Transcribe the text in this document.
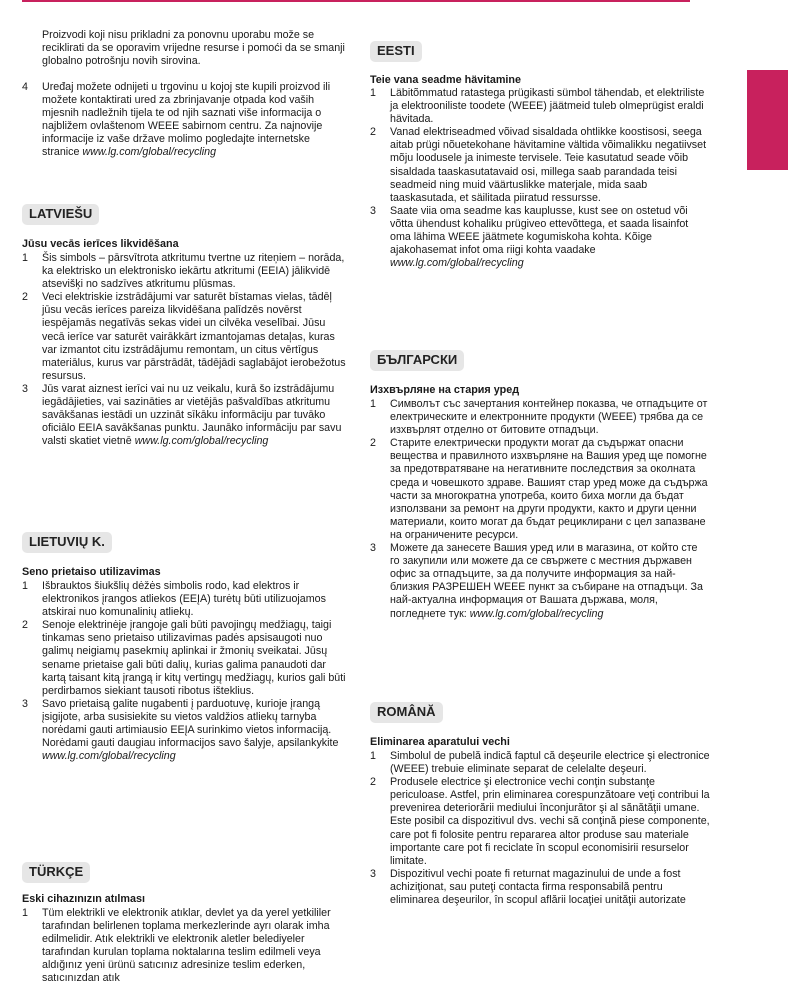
Proizvodi koji nisu prikladni za ponovnu uporabu može se reciklirati da se oporavim vrijedne resurse i pomoći da se smanji globalno potrošnju novih sirovina.

4 Uređaj možete odnijeti u trgovinu u kojoj ste kupili proizvod ili možete kontaktirati ured za zbrinjavanje otpada kod vaših mjesnih nadležnih tijela te od njih saznati više informacija o najbližem ovlaštenom WEEE sabirnom centru. Za najnovije informacije iz vaše države molimo pogledajte internetske stranice www.lg.com/global/recycling
LATVIEŠU

Jūsu vecās ierīces likvidēšana

1 Šis simbols – pārsvītrota atkritumu tvertne uz riteņiem – norāda, ka elektrisko un elektronisko iekārtu atkritumi (EEIA) jālikvidē atsevišķi no sadzīves atkritumu plūsmas.
2 Veci elektriskie izstrādājumi var saturēt bīstamas vielas, tādēļ jūsu vecās ierīces pareiza likvidēšana palīdzēs novērst iespējamās negatīvās sekas videi un cilvēka veselībai. Jūsu vecā ierīce var saturēt vairākkārt izmantojamas detaļas, kuras var izmantot citu izstrādājumu remontam, un citus vērtīgus materiālus, kurus var pārstrādāt, tādējādi saglabājot ierobežotus resursus.
3 Jūs varat aiznest ierīci vai nu uz veikalu, kurā šo izstrādājumu iegādājieties, vai sazināties ar vietējās pašvaldības atkritumu savākšanas iestādi un uzzināt sīkāku informāciju par tuvāko oficiālo EEIA savākšanas punktu. Jaunāko informāciju par savu valsti skatiet vietnē www.lg.com/global/recycling
LIETUVIŲ K.

Seno prietaiso utilizavimas

1 Išbrauktos šiukšlių dėžės simbolis rodo, kad elektros ir elektronikos įrangos atliekos (EEĮA) turėtų būti utilizuojamos atskirai nuo komunalinių atliekų.
2 Senoje elektrinėje įrangoje gali būti pavojingų medžiagų, taigi tinkamas seno prietaiso utilizavimas padės apsisaugoti nuo galimų neigiamų pasekmių aplinkai ir žmonių sveikatai. Jūsų sename prietaise gali būti dalių, kurias galima panaudoti dar kartą taisant kitą įrangą ir kitų vertingų medžiagų, kurios gali būti perdirbamos siekiant tausoti ribotus išteklius.
3 Savo prietaisą galite nugabenti į parduotuvę, kurioje įrangą įsigijote, arba susisiekite su vietos valdžios atliekų tarnyba norėdami gauti artimiausio EEĮA surinkimo vietos informaciją. Norėdami gauti daugiau informacijos savo šalyje, apsilankykite www.lg.com/global/recycling
TÜRKÇE

Eski cihazınızın atılması

1 Tüm elektrikli ve elektronik atıklar, devlet ya da yerel yetkililer tarafından belirlenen toplama merkezlerinde ayrı olarak imha edilmelidir. Atık elektrikli ve elektronik aletler belediyeler tarafından kurulan toplama noktalarına teslim edilmeli veya aldığınız yeni ürünü satıcınız adresinize teslim ederken, satıcınızdan atık
EESTI

Teie vana seadme hävitamine

1 Läbitõmmatud ratastega prügikasti sümbol tähendab, et elektriliste ja elektrooniliste toodete (WEEE) jäätmeid tuleb olmeprügist eraldi hävitada.
2 Vanad elektriseadmed võivad sisaldada ohtlikke koostisosi, seega aitab prügi nõuetekohane hävitamine vältida võimalikku negatiivset mõju loodusele ja inimeste tervisele. Teie kasutatud seade võib sisaldada taaskasutatavaid osi, millega saab parandada teisi seadmeid ning muid väärtuslikke materjale, mida saab taaskasutada, et säilitada piiratud ressursse.
3 Saate viia oma seadme kas kauplusse, kust see on ostetud või võtta ühendust kohaliku prügiveo ettevõttega, et saada lisainfot oma lähima WEEE jäätmete kogumiskoha kohta. Kõige ajakohasemat infot oma riigi kohta vaadake www.lg.com/global/recycling
БЪЛГАРСКИ

Изхвърляне на стария уред

1 Символът със зачертания контейнер показва, че отпадъците от електрическите и електронните продукти (WEEE) трябва да се изхвърлят отделно от битовите отпадъци.
2 Старите електрически продукти могат да съдържат опасни вещества и правилното изхвърляне на Вашия уред ще помогне за предотвратяване на негативните последствия за околната среда и човешкото здраве. Вашият стар уред може да съдържа части за многократна употреба, които биха могли да бъдат използвани за ремонт на други продукти, както и други ценни материали, които могат да бъдат рециклирани с цел запазване на ограничените ресурси.
3 Можете да занесете Вашия уред или в магазина, от който сте го закупили или можете да се свържете с местния държавен офис за отпадъците, за да получите информация за най-близкия РАЗРЕШЕН WEEE пункт за събиране на отпадъци. За най-актуална информация от Вашата държава, моля, погледнете тук: www.lg.com/global/recycling
ROMÂNĂ

Eliminarea aparatului vechi

1 Simbolul de pubelă indică faptul că deşeurile electrice şi electronice (WEEE) trebuie eliminate separat de celelalte deşeuri.
2 Produsele electrice şi electronice vechi conţin substanţe periculoase. Astfel, prin eliminarea corespunzătoare veţi contribui la prevenirea deteriorării mediului înconjurător şi al sănătăţii umane. Este posibil ca dispozitivul dvs. vechi să conţină piese componente, care pot fi folosite pentru repararea altor produse sau materiale importante care pot fi reciclate în scopul economisirii resurselor limitate.
3 Dispozitivul vechi poate fi returnat magazinului de unde a fost achiziţionat, sau puteţi contacta firma responsabilă pentru eliminarea deşeurilor, în scopul aflării locaţiei unităţii autorizate
